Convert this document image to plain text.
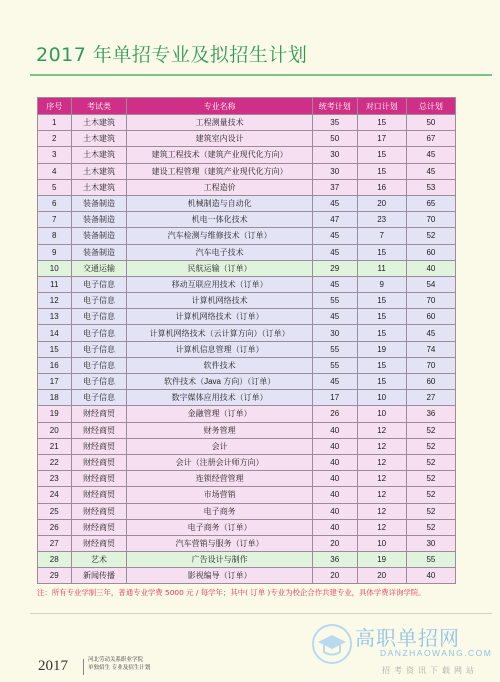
2017 年单招专业及拟招生计划
序号	考试类	专业名称	统考计划	对口计划	总计划
1	土木建筑	工程测量技术	35	15	50
2	土木建筑	建筑室内设计	50	17	67
3	土木建筑	建筑工程技术（建筑产业现代化方向）	30	15	45
4	土木建筑	建设工程管理（建筑产业现代化方向）	30	15	45
5	土木建筑	工程造价	37	16	53
6	装备制造	机械制造与自动化	45	20	65
7	装备制造	机电一体化技术	47	23	70
8	装备制造	汽车检测与维修技术（订单）	45	7	52
9	装备制造	汽车电子技术	45	15	60
10	交通运输	民航运输（订单）	29	11	40
11	电子信息	移动互联应用技术（订单）	45	9	54
12	电子信息	计算机网络技术	55	15	70
13	电子信息	计算机网络技术（订单）	45	15	60
14	电子信息	计算机网络技术（云计算方向）（订单）	30	15	45
15	电子信息	计算机信息管理（订单）	55	19	74
16	电子信息	软件技术	55	15	70
17	电子信息	软件技术（Java 方向）（订单）	45	15	60
18	电子信息	数字媒体应用技术（订单）	17	10	27
19	财经商贸	金融管理（订单）	26	10	36
20	财经商贸	财务管理	40	12	52
21	财经商贸	会计	40	12	52
22	财经商贸	会计（注册会计师方向）	40	12	52
23	财经商贸	连锁经营管理	40	12	52
24	财经商贸	市场营销	40	12	52
25	财经商贸	电子商务	40	12	52
26	财经商贸	电子商务（订单）	40	12	52
27	财经商贸	汽车营销与服务（订单）	20	10	30
28	艺术	广告设计与制作	36	19	55
29	新闻传播	影视编导（订单）	20	20	40
注：所有专业学制三年，普通专业学费 5000 元 / 每学年；其中( 订单 )专业为校企合作共建专业，具体学费详询学院。
2017	河北劳动关系职业学院
单独招生 专业及招生计划
高职单招网
DANZHAOWANG.COM
招考资讯下载网站
